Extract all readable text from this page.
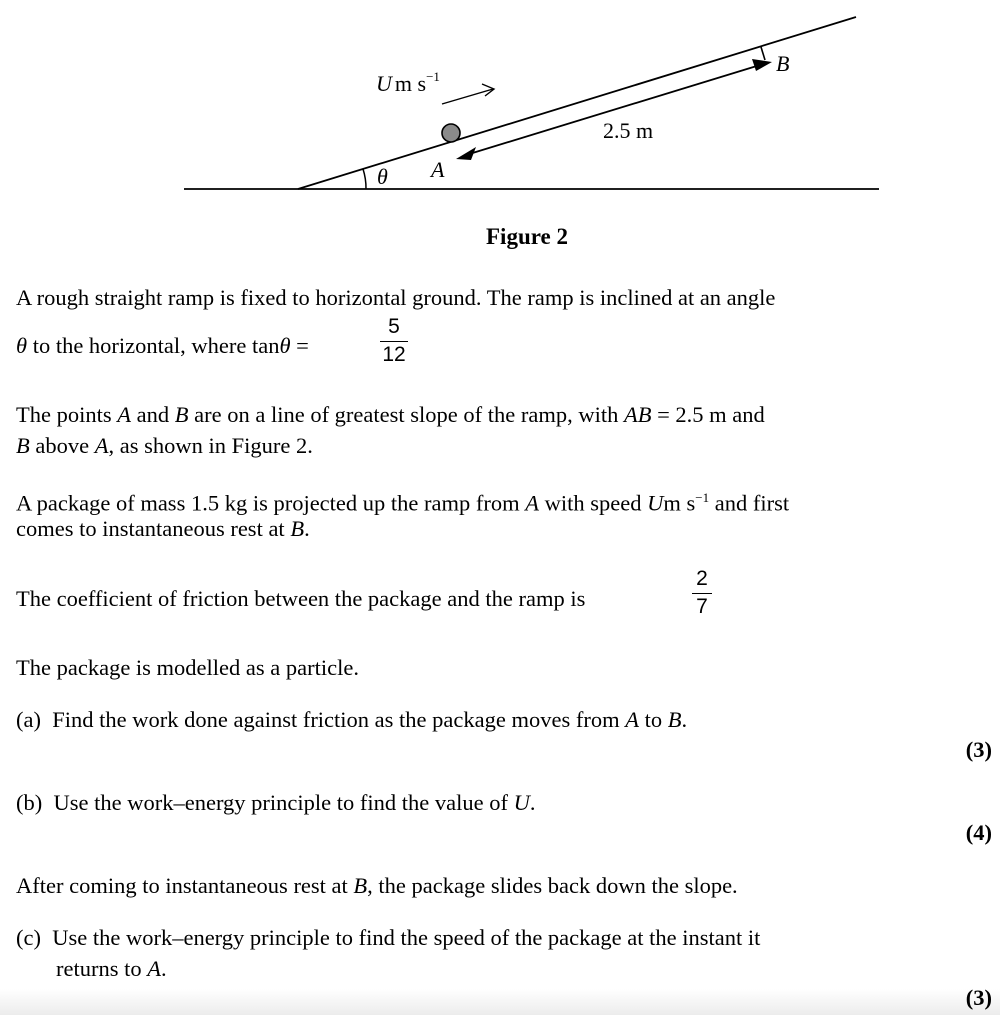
U m $s^{-1}$
2.5 m
A
B
θ
Figure 2
A rough straight ramp is fixed to horizontal ground. The ramp is inclined at an angle
θ to the horizontal, where tanθ =
5
12
The points A and B are on a line of greatest slope of the ramp, with AB = 2.5 m and
B above A, as shown in Figure 2.
A package of mass 1.5 kg is projected up the ramp from A with speed Um $s^{-1}$ and first
comes to instantaneous rest at B.
The coefficient of friction between the package and the ramp is
2
7
The package is modelled as a particle.
(a) Find the work done against friction as the package moves from A to B.
(3)
(b) Use the work–energy principle to find the value of U.
(4)
After coming to instantaneous rest at B, the package slides back down the slope.
(c) Use the work–energy principle to find the speed of the package at the instant it
returns to A.
(3)
